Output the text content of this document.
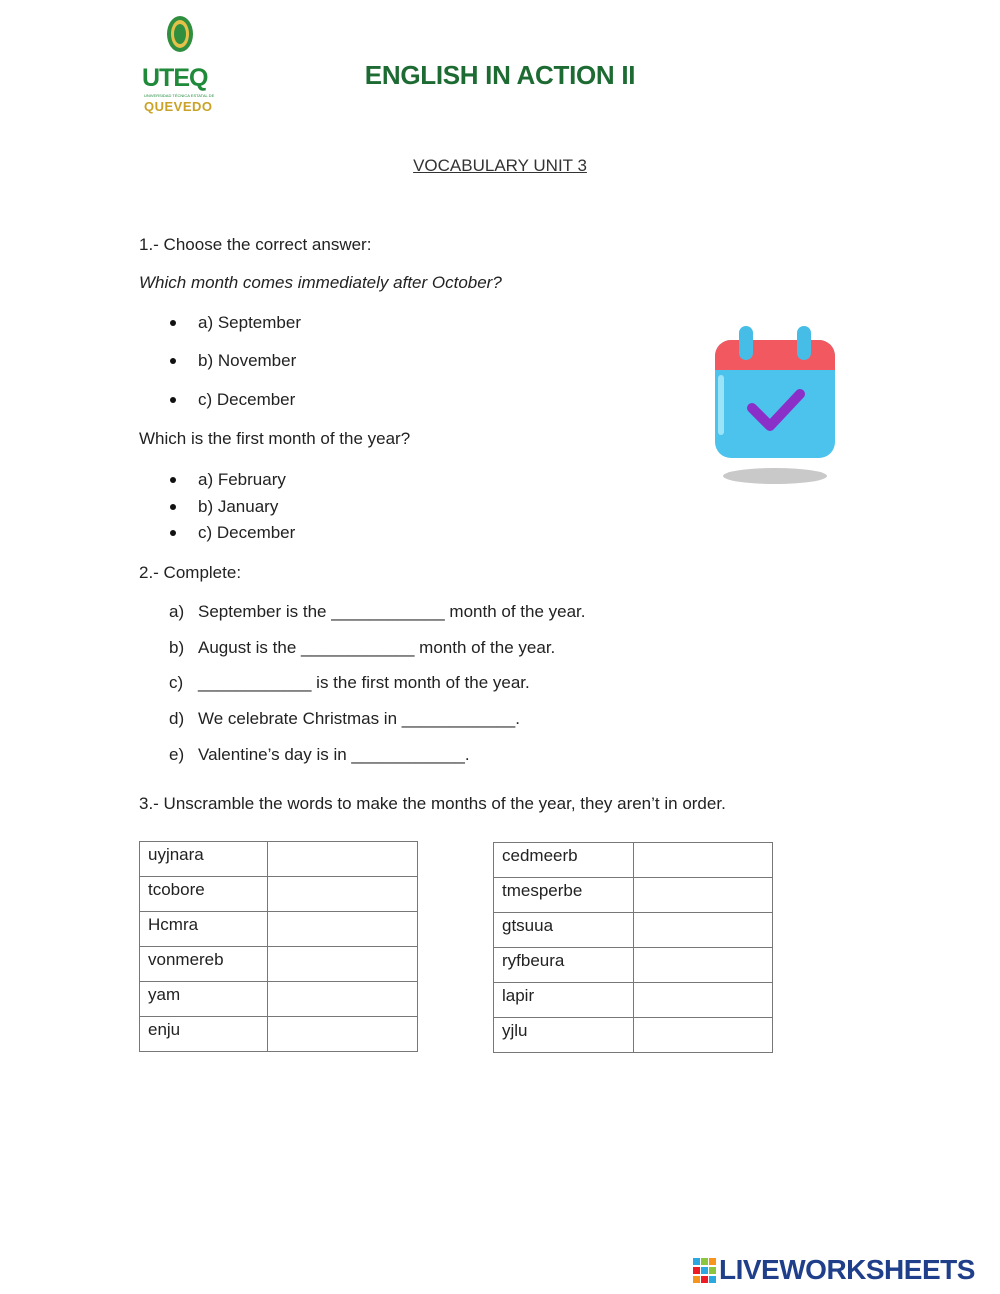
UTEQ
UNIVERSIDAD TÉCNICA ESTATAL DE
QUEVEDO
ENGLISH IN ACTION II
VOCABULARY UNIT 3
1.- Choose the correct answer:
Which month comes immediately after October?
a) September
b) November
c) December
Which is the first month of the year?
a) February
b) January
c) December
2.- Complete:
a) September is the ____________ month of the year.
b) August is the ____________ month of the year.
c) ____________ is the first month of the year.
d) We celebrate Christmas in ____________.
e) Valentine’s day is in ____________.
3.- Unscramble the words to make the months of the year, they aren’t in order.
uyjnara	
tcobore	
Hcmra	
vonmereb	
yam	
enju	
cedmeerb	
tmesperbe	
gtsuua	
ryfbeura	
lapir	
yjlu	
LIVEWORKSHEETS
